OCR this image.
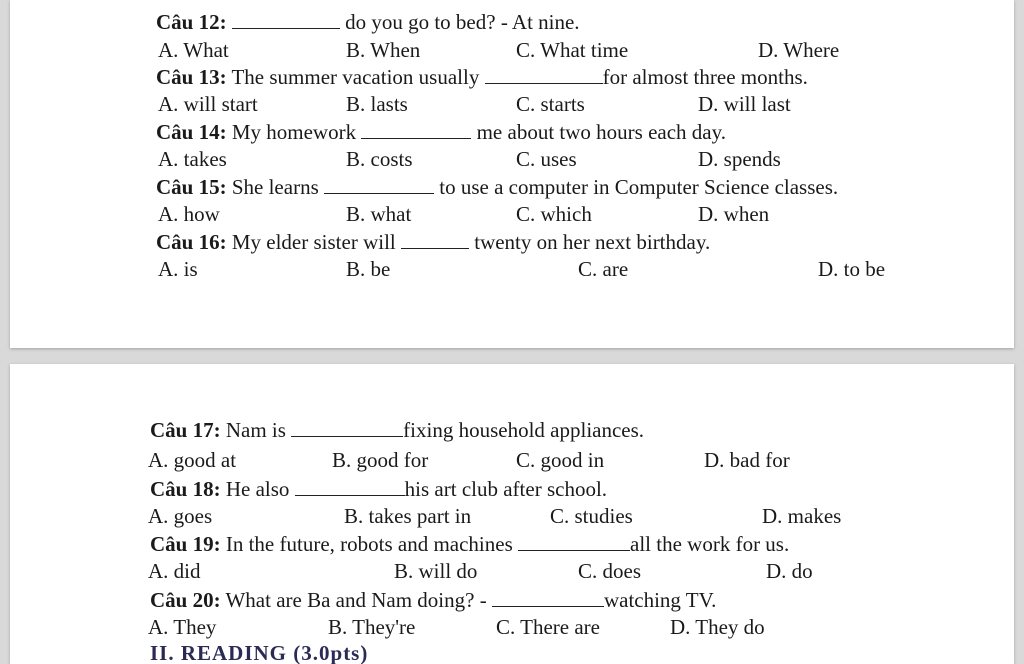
Câu 12:	do you go to bed? - At nine.
A. What	B. When	C. What time	D. Where
Câu 13: The summer vacation usually	for almost three months.
A. will start	B. lasts	C. starts	D. will last
Câu 14: My homework	me about two hours each day.
A. takes	B. costs	C. uses	D. spends
Câu 15: She learns	to use a computer in Computer Science classes.
A. how	B. what	C. which	D. when
Câu 16: My elder sister will	twenty on her next birthday.
A. is	B. be	C. are	D. to be
Câu 17: Nam is	fixing household appliances.
A. good at	B. good for	C. good in	D. bad for
Câu 18: He also	his art club after school.
A. goes	B. takes part in	C. studies	D. makes
Câu 19: In the future, robots and machines	all the work for us.
A. did	B. will do	C. does	D. do
Câu 20: What are Ba and Nam doing? -	watching TV.
A. They	B. They're	C. There are	D. They do
II. READING (3.0pts)
